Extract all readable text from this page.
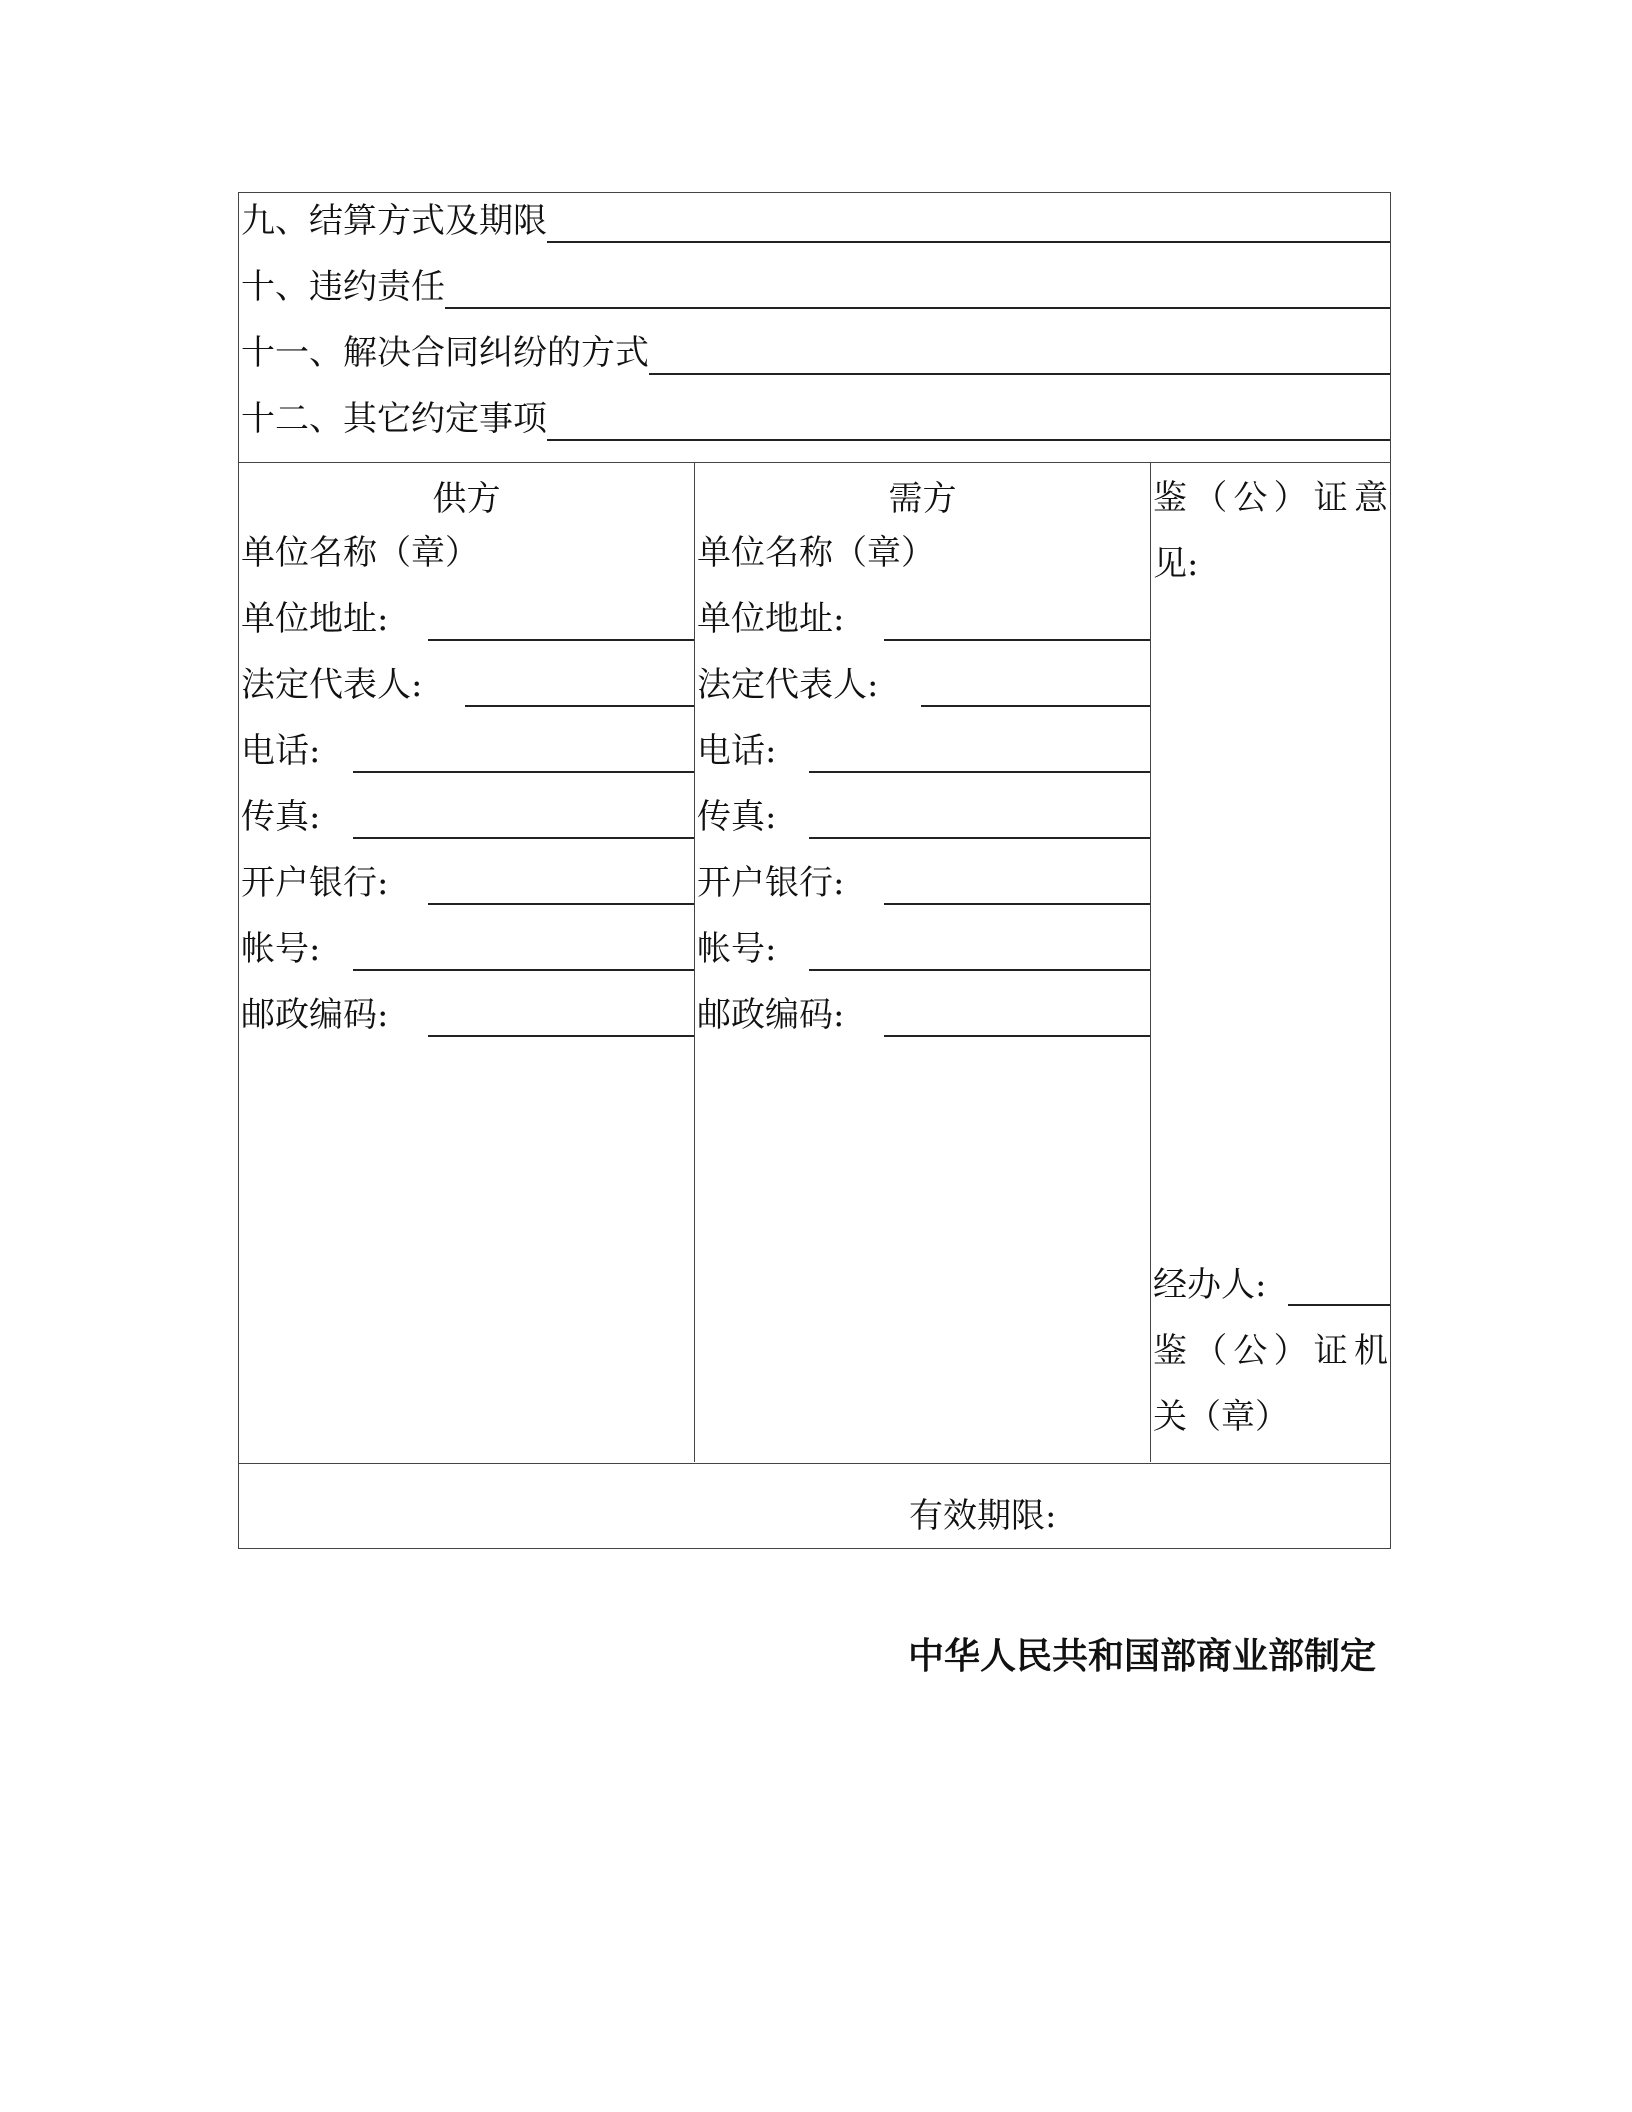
九、结算方式及期限
十、违约责任
十一、解决合同纠纷的方式
十二、其它约定事项
供方
单位名称（章）
单位地址:
法定代表人:
电话:
传真:
开户银行:
帐号:
邮政编码:
需方
单位名称（章）
单位地址:
法定代表人:
电话:
传真:
开户银行:
帐号:
邮政编码:
鉴（公）证意
见:
经办人:
鉴（公）证机
关（章）
有效期限:
中华人民共和国部商业部制定
